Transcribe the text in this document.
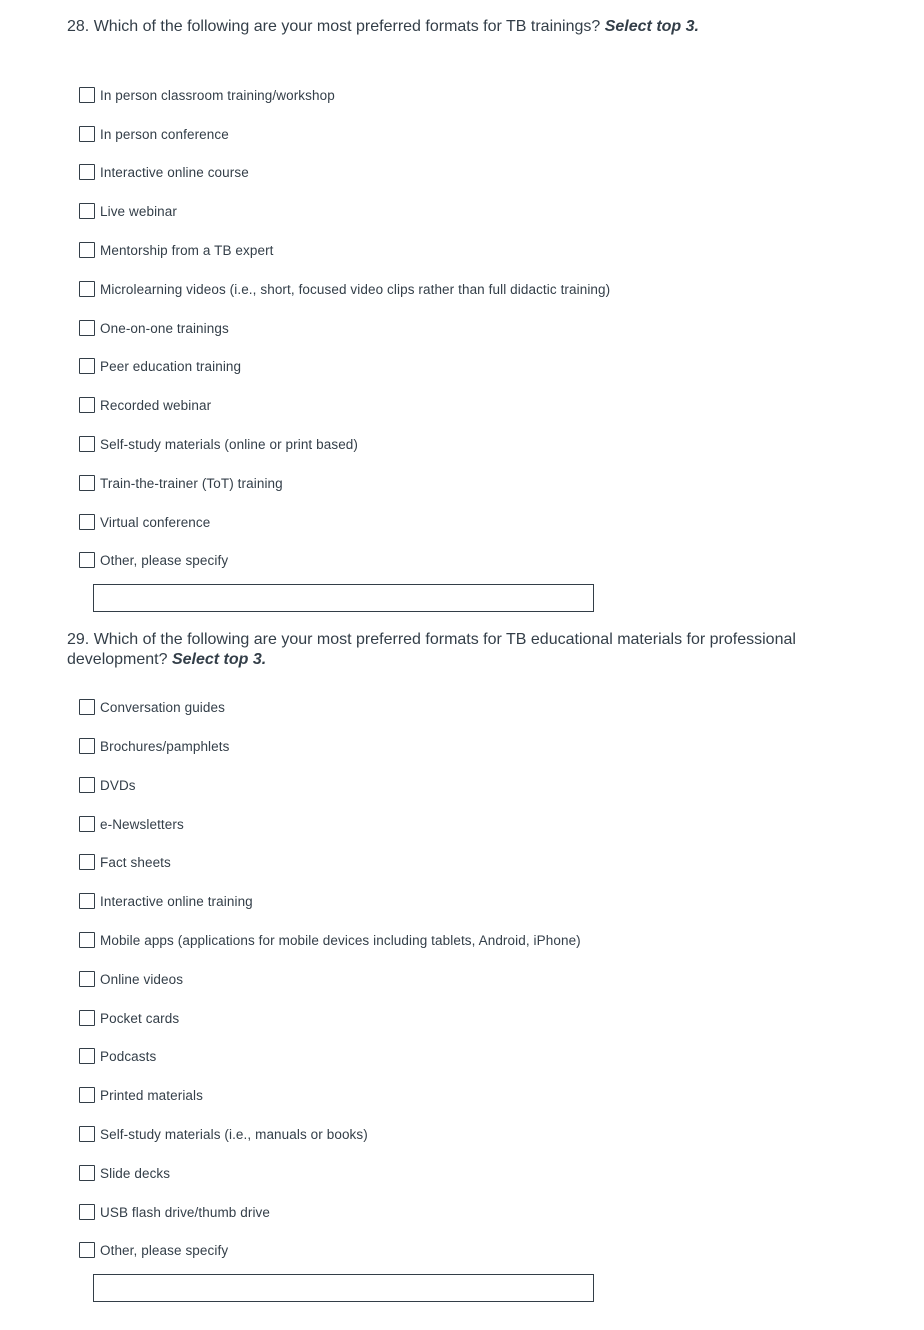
28. Which of the following are your most preferred formats for TB trainings? Select top 3.

In person classroom training/workshop
In person conference
Interactive online course
Live webinar
Mentorship from a TB expert
Microlearning videos (i.e., short, focused video clips rather than full didactic training)
One-on-one trainings
Peer education training
Recorded webinar
Self-study materials (online or print based)
Train-the-trainer (ToT) training
Virtual conference
Other, please specify

29. Which of the following are your most preferred formats for TB educational materials for professional
development? Select top 3.

Conversation guides
Brochures/pamphlets
DVDs
e-Newsletters
Fact sheets
Interactive online training
Mobile apps (applications for mobile devices including tablets, Android, iPhone)
Online videos
Pocket cards
Podcasts
Printed materials
Self-study materials (i.e., manuals or books)
Slide decks
USB flash drive/thumb drive
Other, please specify
